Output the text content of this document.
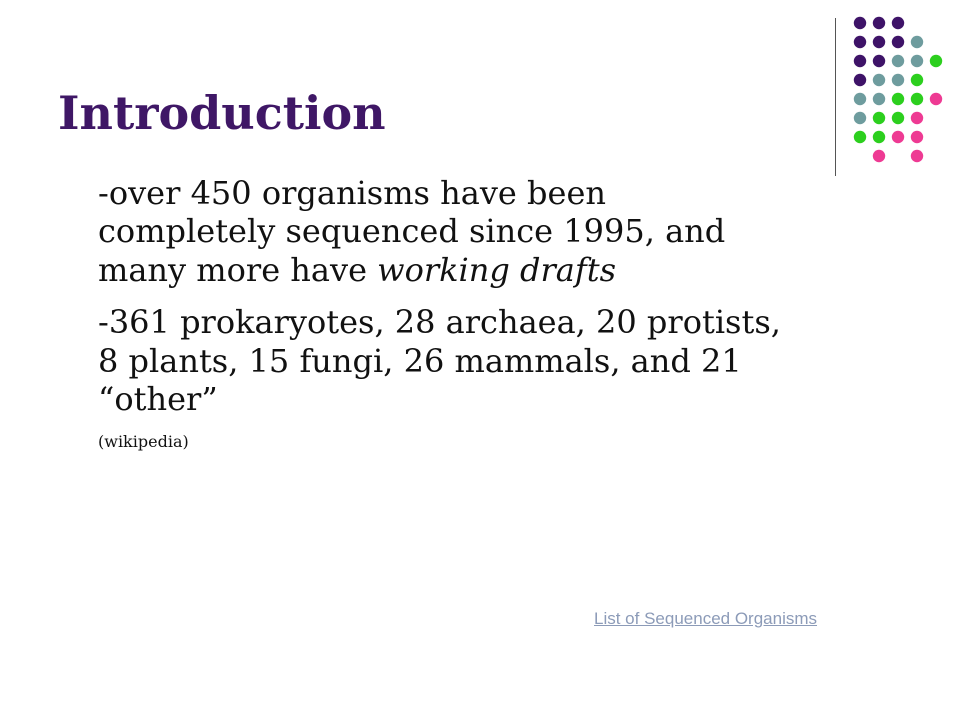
Introduction

-over 450 organisms have been completely sequenced since 1995, and many more have working drafts

-361 prokaryotes, 28 archaea, 20 protists, 8 plants, 15 fungi, 26 mammals, and 21 “other”

(wikipedia)

List of Sequenced Organisms
